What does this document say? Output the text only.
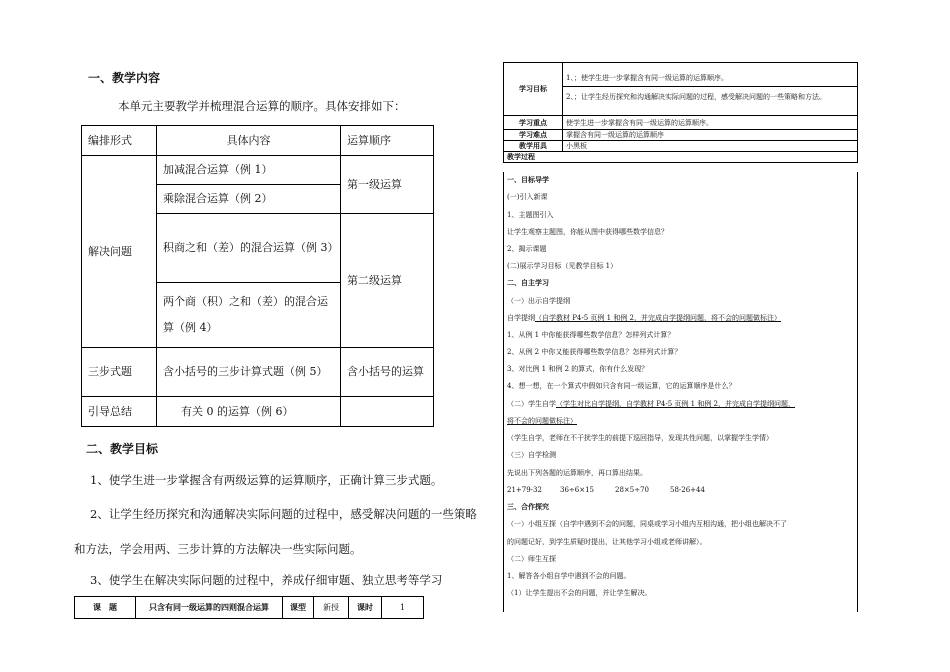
一、教学内容
本单元主要教学并梳理混合运算的顺序。具体安排如下：
编排形式	具体内容	运算顺序
解决问题	加减混合运算（例 1）	第一级运算
	乘除混合运算（例 2）	
	积商之和（差）的混合运算（例 3）	第二级运算
	两个商（积）之和（差）的混合运算（例 4）	
三步式题	含小括号的三步计算式题（例 5）	含小括号的运算
引导总结	有关 0 的运算（例 6）	
二、教学目标
1、使学生进一步掌握含有两级运算的运算顺序，正确计算三步式题。
2、让学生经历探究和沟通解决实际问题的过程中，感受解决问题的一些策略
和方法，学会用两、三步计算的方法解决一些实际问题。
3、使学生在解决实际问题的过程中，养成仔细审题、独立思考等学习
课　题	只含有同一级运算的四则混合运算	课型	新授	课时	1
学习目标	1、；使学生进一步掌握含有同一级运算的运算顺序。
2、；让学生经历探究和沟通解决实际问题的过程，感受解决问题的一些策略和方法。

学习重点	使学生进一步掌握含有同一级运算的运算顺序。
学习难点	掌握含有同一级运算的运算顺序
教学用具	小黑板
教学过程	
一、目标导学
(一)引入新课
1、主题图引入
让学生观察主题图，你能从图中获得哪些数学信息？
2、揭示课题
(二)展示学习目标（见教学目标 1）
二、自主学习
（一）出示自学提纲
自学提纲（自学教材 P4-5 页例 1 和例 2，并完成自学提纲问题，将不会的问题做标注）
1、从例 1 中你能获得哪些数学信息？怎样列式计算？
2、从例 2 中你又能获得哪些数学信息？怎样列式计算？
3、对比例 1 和例 2 的算式，你有什么发现？
4、想一想，在一个算式中假如只含有同一级运算，它的运算顺序是什么？
（二）学生自学（学生对比自学提纲，自学教材 P4-5 页例 1 和例 2，并完成自学提纲问题，
将不会的问题做标注）
（学生自学，老师在不干扰学生的前提下巡回指导，发现共性问题，以掌握学生学情）
（三）自学检测
先说出下列各题的运算顺序，再口算出结果。
21+79-32	36÷6×15	28×5÷70	58-26+44
三、合作探究
（一）小组互探（自学中遇到不会的问题，同桌或学习小组内互相沟通，把小组也解决不了
的问题记好，到学生质疑时提出，让其他学习小组或老师讲解）。
（二）师生互探
1、解答各小组自学中遇到不会的问题。
（1）让学生提出不会的问题，并让学生解决。
